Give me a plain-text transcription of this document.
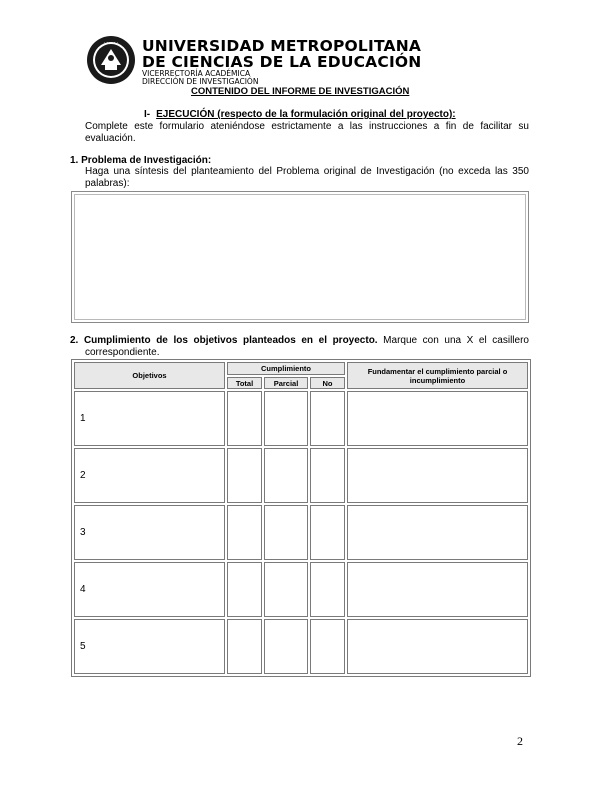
· · · · · · UNIVERSIDAD METROPOLITANA
DE CIENCIAS DE LA EDUCACIÓN
VICERRECTORÍA ACADÉMICA
DIRECCIÓN DE INVESTIGACIÓN
CONTENIDO DEL INFORME DE INVESTIGACIÓN
I- EJECUCIÓN (respecto de la formulación original del proyecto):
Complete este formulario ateniéndose estrictamente a las instrucciones a fin de facilitar su evaluación.
1. Problema de Investigación:
Haga una síntesis del planteamiento del Problema original de Investigación (no exceda las 350 palabras):
2. Cumplimiento de los objetivos planteados en el proyecto. Marque con una X el casillero
correspondiente.
Objetivos	Cumplimiento			Fundamentar el cumplimiento parcial o incumplimiento
	Total	Parcial	No	
1				
2				
3				
4				
5				
2
